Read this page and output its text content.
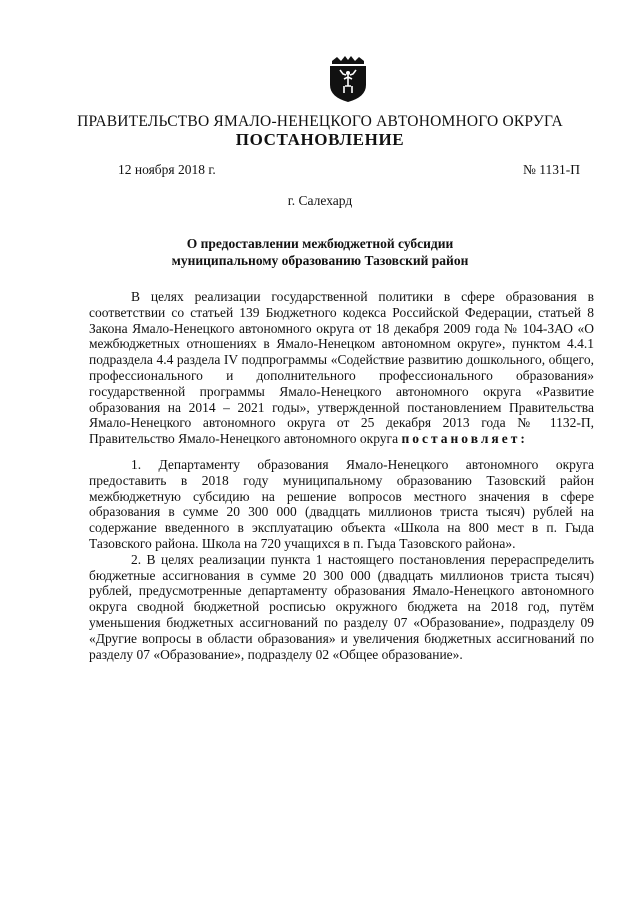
ПРАВИТЕЛЬСТВО ЯМАЛО-НЕНЕЦКОГО АВТОНОМНОГО ОКРУГА
ПОСТАНОВЛЕНИЕ
12 ноября 2018 г.	№ 1131-П
г. Салехард
О предоставлении межбюджетной субсидии
муниципальному образованию Тазовский район

В целях реализации государственной политики в сфере образования в соответствии со статьей 139 Бюджетного кодекса Российской Федерации, статьей 8 Закона Ямало-Ненецкого автономного округа от 18 декабря 2009 года № 104-ЗАО «О межбюджетных отношениях в Ямало-Ненецком автономном округе», пунктом 4.4.1 подраздела 4.4 раздела IV подпрограммы «Содействие развитию дошкольного, общего, профессионального и дополнительного профессионального образования» государственной программы Ямало-Ненецкого автономного округа «Развитие образования на 2014 – 2021 годы», утвержденной постановлением Правительства Ямало-Ненецкого автономного округа от 25 декабря 2013 года № 1132-П, Правительство Ямало-Ненецкого автономного округа постановляет:

1. Департаменту образования Ямало-Ненецкого автономного округа предоставить в 2018 году муниципальному образованию Тазовский район межбюджетную субсидию на решение вопросов местного значения в сфере образования в сумме 20 300 000 (двадцать миллионов триста тысяч) рублей на содержание введенного в эксплуатацию объекта «Школа на 800 мест в п. Гыда Тазовского района. Школа на 720 учащихся в п. Гыда Тазовского района».

2. В целях реализации пункта 1 настоящего постановления перераспределить бюджетные ассигнования в сумме 20 300 000 (двадцать миллионов триста тысяч) рублей, предусмотренные департаменту образования Ямало-Ненецкого автономного округа сводной бюджетной росписью окружного бюджета на 2018 год, путём уменьшения бюджетных ассигнований по разделу 07 «Образование», подразделу 09 «Другие вопросы в области образования» и увеличения бюджетных ассигнований по разделу 07 «Образование», подразделу 02 «Общее образование».
